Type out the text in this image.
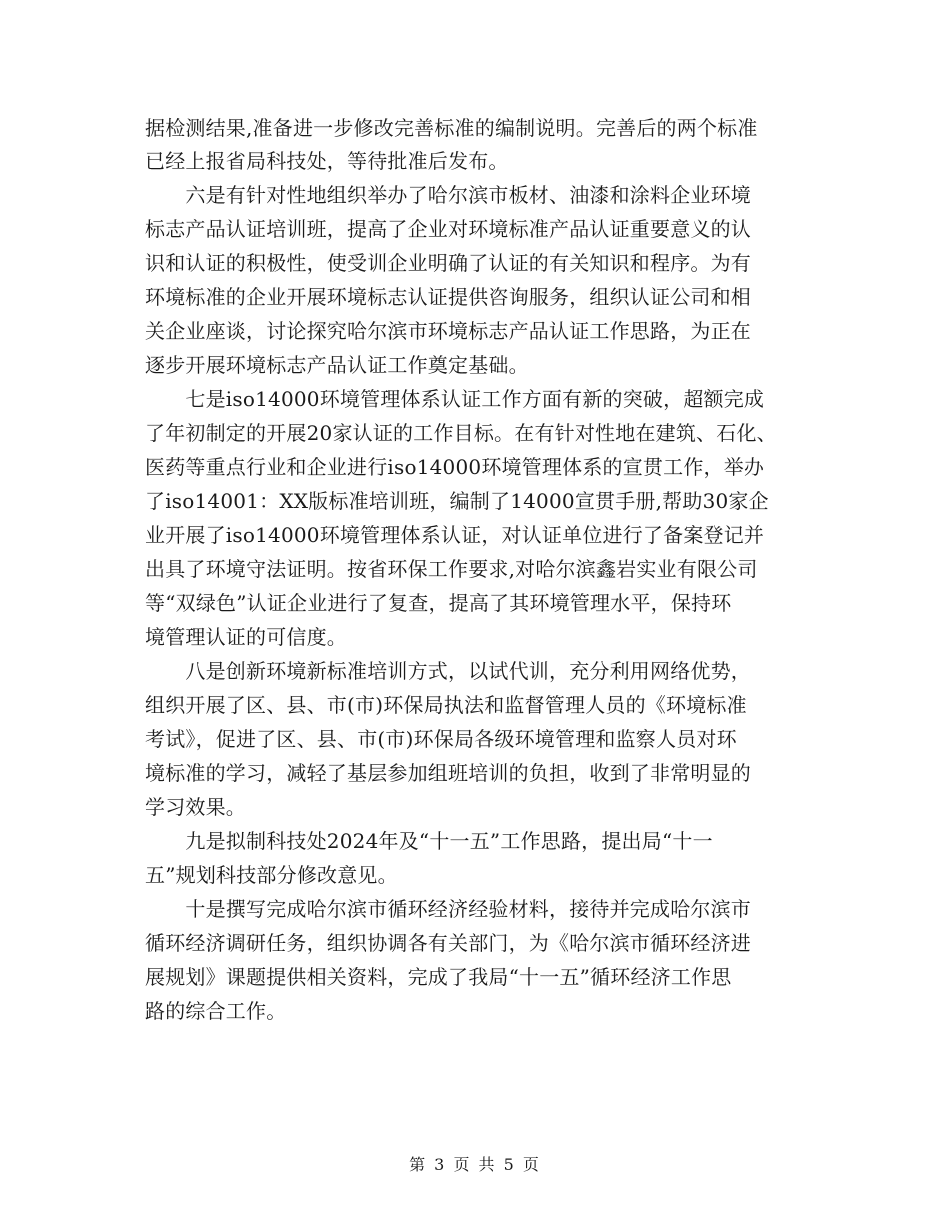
据检测结果,准备进一步修改完善标准的编制说明。完善后的两个标准
已经上报省局科技处，等待批准后发布。
　　六是有针对性地组织举办了哈尔滨市板材、油漆和涂料企业环境
标志产品认证培训班，提高了企业对环境标准产品认证重要意义的认
识和认证的积极性，使受训企业明确了认证的有关知识和程序。为有
环境标准的企业开展环境标志认证提供咨询服务，组织认证公司和相
关企业座谈，讨论探究哈尔滨市环境标志产品认证工作思路，为正在
逐步开展环境标志产品认证工作奠定基础。
　　七是iso14000环境管理体系认证工作方面有新的突破，超额完成
了年初制定的开展20家认证的工作目标。在有针对性地在建筑、石化、
医药等重点行业和企业进行iso14000环境管理体系的宣贯工作，举办
了iso14001：XX版标准培训班，编制了14000宣贯手册,帮助30家企
业开展了iso14000环境管理体系认证，对认证单位进行了备案登记并
出具了环境守法证明。按省环保工作要求,对哈尔滨鑫岩实业有限公司
等“双绿色”认证企业进行了复查，提高了其环境管理水平，保持环
境管理认证的可信度。
　　八是创新环境新标准培训方式，以试代训，充分利用网络优势，
组织开展了区、县、市(市)环保局执法和监督管理人员的《环境标准
考试》，促进了区、县、市(市)环保局各级环境管理和监察人员对环
境标准的学习，减轻了基层参加组班培训的负担，收到了非常明显的
学习效果。
　　九是拟制科技处2024年及“十一五”工作思路，提出局“十一
五”规划科技部分修改意见。
　　十是撰写完成哈尔滨市循环经济经验材料，接待并完成哈尔滨市
循环经济调研任务，组织协调各有关部门，为《哈尔滨市循环经济进
展规划》课题提供相关资料，完成了我局“十一五”循环经济工作思
路的综合工作。
第 3 页 共 5 页
